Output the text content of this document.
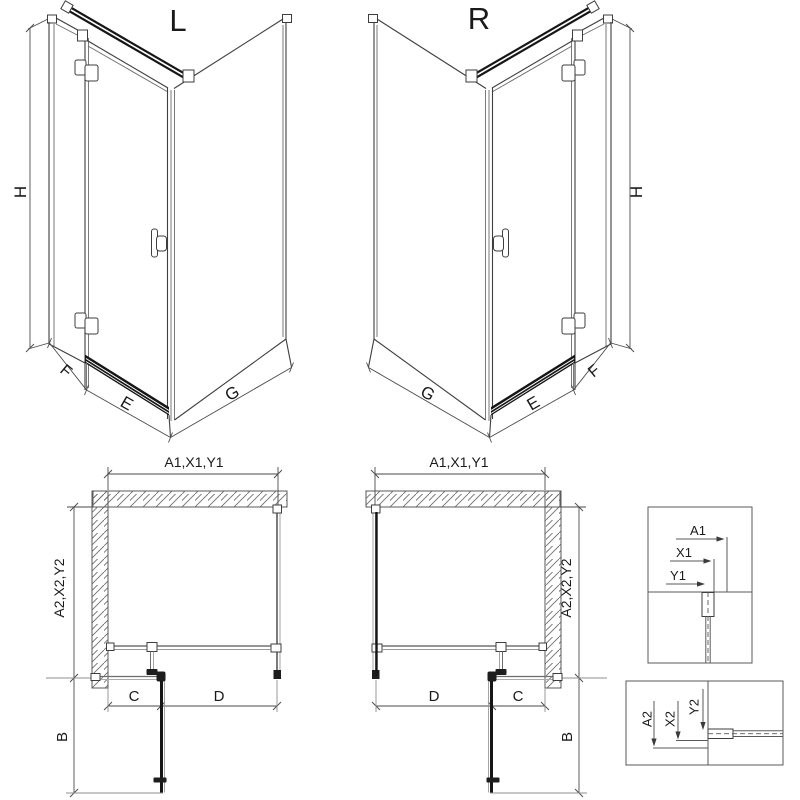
L
H
F
E	G
R
H
F
E
G
A1,X1,Y1
A2,X2,Y2
C	D
B
A1,X1,Y1
A2,X2,Y2
D	C
B
A1
X1
Y1
A2 X2
Y2
